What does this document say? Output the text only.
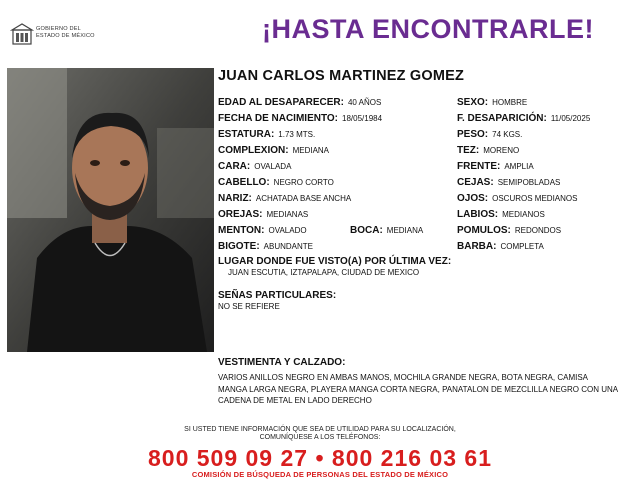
GOBIERNO DEL
ESTADO DE MÉXICO	¡HASTA ENCONTRARLE!
JUAN CARLOS MARTINEZ GOMEZ
EDAD AL DESAPARECER: 40 AÑOS
FECHA DE NACIMIENTO: 18/05/1984
ESTATURA: 1.73 MTS.
COMPLEXION: MEDIANA
CARA: OVALADA
CABELLO: NEGRO CORTO
NARIZ: ACHATADA BASE ANCHA
OREJAS: MEDIANAS
MENTON: OVALADO
BIGOTE: ABUNDANTE
BOCA: MEDIANA
SEXO: HOMBRE
F. DESAPARICIÓN: 11/05/2025
PESO: 74 KGS.
TEZ: MORENO
FRENTE: AMPLIA
CEJAS: SEMIPOBLADAS
OJOS: OSCUROS MEDIANOS
LABIOS: MEDIANOS
POMULOS: REDONDOS
BARBA: COMPLETA
LUGAR DONDE FUE VISTO(A) POR ÚLTIMA VEZ:
JUAN ESCUTIA, IZTAPALAPA, CIUDAD DE MEXICO
SEÑAS PARTICULARES:
NO SE REFIERE
VESTIMENTA Y CALZADO:
VARIOS ANILLOS NEGRO EN AMBAS MANOS, MOCHILA GRANDE NEGRA, BOTA NEGRA, CAMISA MANGA LARGA NEGRA, PLAYERA MANGA CORTA NEGRA, PANATALON DE MEZCLILLA NEGRO CON UNA CADENA DE METAL EN LADO DERECHO
SI USTED TIENE INFORMACIÓN QUE SEA DE UTILIDAD PARA SU LOCALIZACIÓN,
COMUNÍQUESE A LOS TELÉFONOS:
800 509 09 27 • 800 216 03 61
COMISIÓN DE BÚSQUEDA DE PERSONAS DEL ESTADO DE MÉXICO
